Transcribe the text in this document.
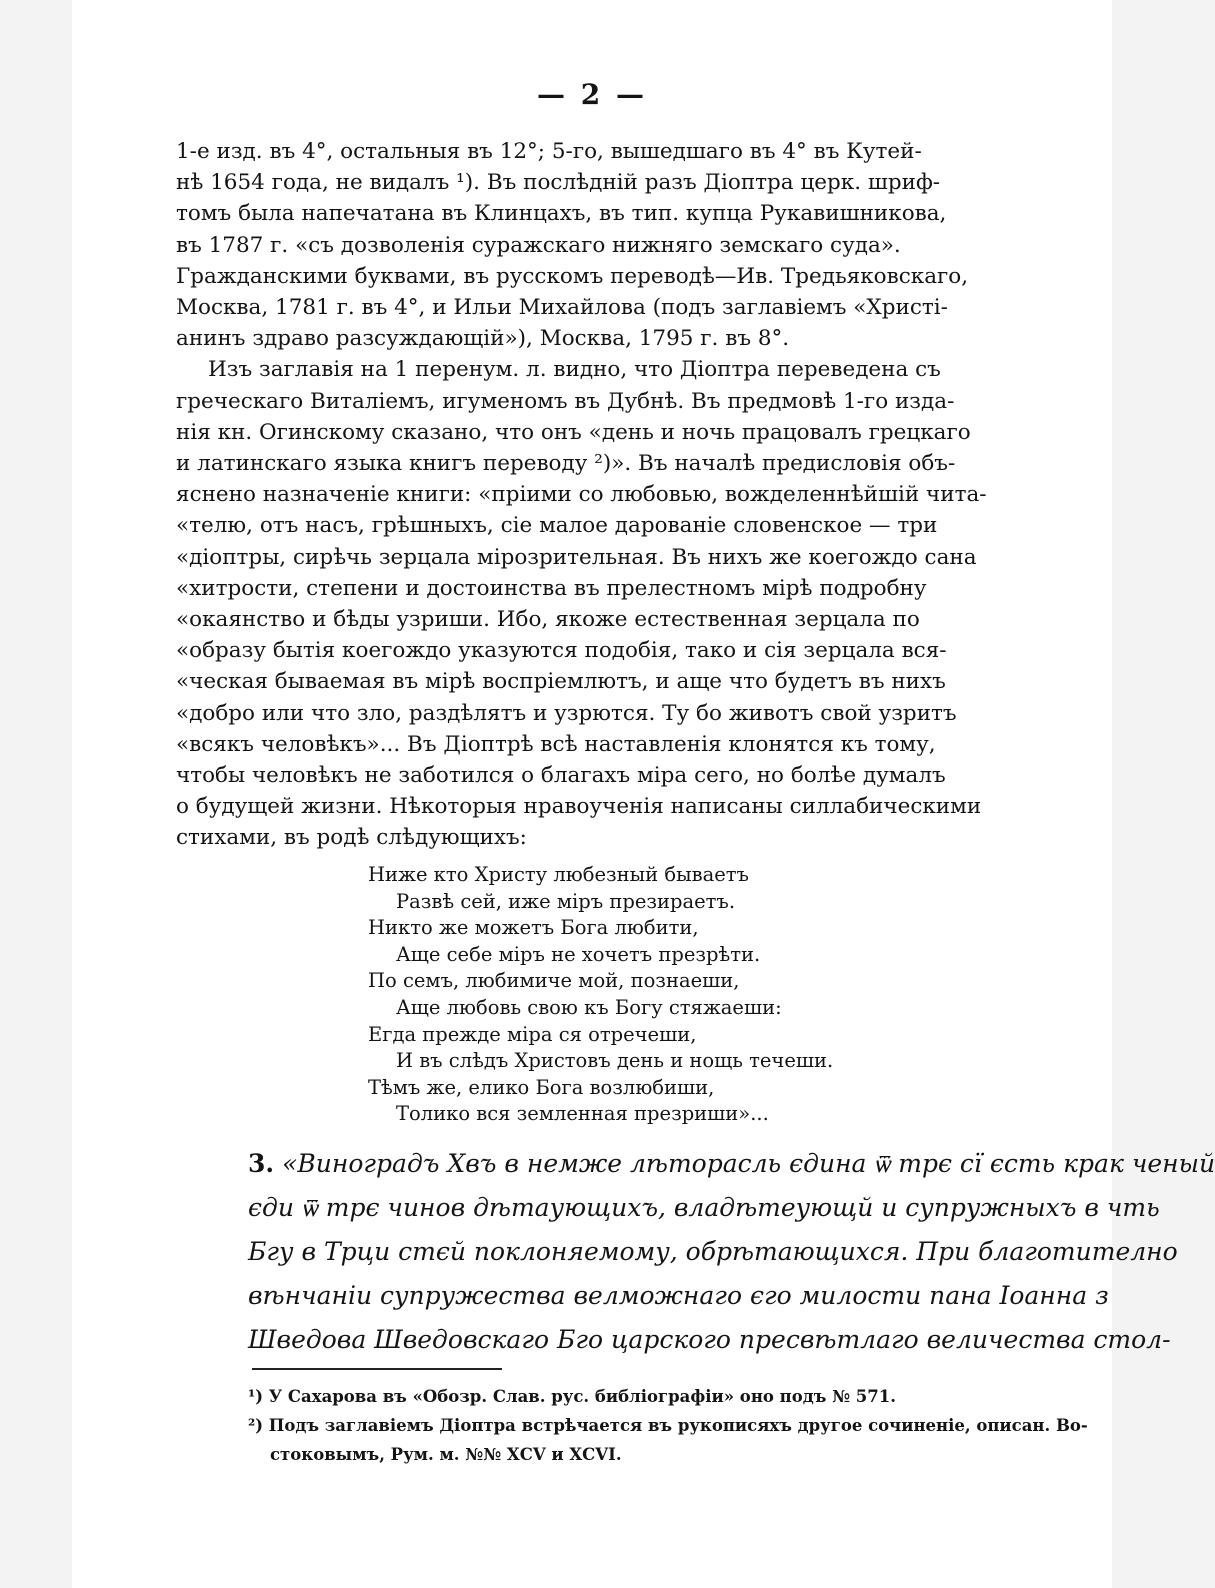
— 2 —
1-е изд. въ 4°, остальныя въ 12°; 5-го, вышедшаго въ 4° въ Кутей-
нѣ 1654 года, не видалъ ¹). Въ послѣдній разъ Діоптра церк. шриф-
томъ была напечатана въ Клинцахъ, въ тип. купца Рукавишникова,
въ 1787 г. «съ дозволенія суражскаго нижняго земскаго суда».
Гражданскими буквами, въ русскомъ переводѣ—Ив. Тредьяковскаго,
Москва, 1781 г. въ 4°, и Ильи Михайлова (подъ заглавіемъ «Христі-
анинъ здраво разсуждающій»), Москва, 1795 г. въ 8°.
Изъ заглавія на 1 перенум. л. видно, что Діоптра переведена съ
греческаго Виталіемъ, игуменомъ въ Дубнѣ. Въ предмовѣ 1-го изда-
нія кн. Огинскому сказано, что онъ «день и ночь працовалъ грецкаго
и латинскаго языка книгъ переводу ²)». Въ началѣ предисловія объ-
яснено назначеніе книги: «пріими со любовью, вожделеннѣйшій чита-
«телю, отъ насъ, грѣшныхъ, сіе малое дарованіе словенское — три
«діоптры, сирѣчь зерцала мірозрительная. Въ нихъ же коегождо сана
«хитрости, степени и достоинства въ прелестномъ мірѣ подробну
«окаянство и бѣды узриши. Ибо, якоже естественная зерцала по
«образу бытія коегождо указуются подобія, тако и сія зерцала вся-
«ческая бываемая въ мірѣ воспріемлютъ, и аще что будетъ въ нихъ
«добро или что зло, раздѣлятъ и узрются. Ту бо животъ свой узритъ
«всякъ человѣкъ»... Въ Діоптрѣ всѣ наставленія клонятся къ тому,
чтобы человѣкъ не заботился о благахъ міра сего, но болѣе думалъ
о будущей жизни. Нѣкоторыя нравоученія написаны силлабическими
стихами, въ родѣ слѣдующихъ:
Ниже кто Христу любезный бываетъ
Развѣ сей, иже міръ презираетъ.
Никто же можетъ Бога любити,
Аще себе міръ не хочетъ презрѣти.
По семъ, любимиче мой, познаеши,
Аще любовь свою къ Богу стяжаеши:
Егда прежде міра ся отречеши,
И въ слѣдъ Христовъ день и нощь течеши.
Тѣмъ же, елико Бога возлюбиши,
Толико вся земленная презриши»...
3. «Виноградъ Хвъ в немже лѣторасль єдина ѿ трє сї єсть крак ченый
єди ѿ трє чинов дѣтаующихъ, владѣтеующй и супружныхъ в чть
Бгу в Трци стєй поклоняемому, обрѣтающихся. При благотително
вѣнчаніи супружества велможнаго єго милости пана Іоанна з
Шведова Шведовскаго Бго царского пресвѣтлаго величества стол-
¹) У Сахарова въ «Обозр. Слав. рус. библіографіи» оно подъ № 571.
²) Подъ заглавіемъ Діоптра встрѣчается въ рукописяхъ другое сочиненіе, описан. Во-
стоковымъ, Рум. м. №№ ХСV и ХСVI.
